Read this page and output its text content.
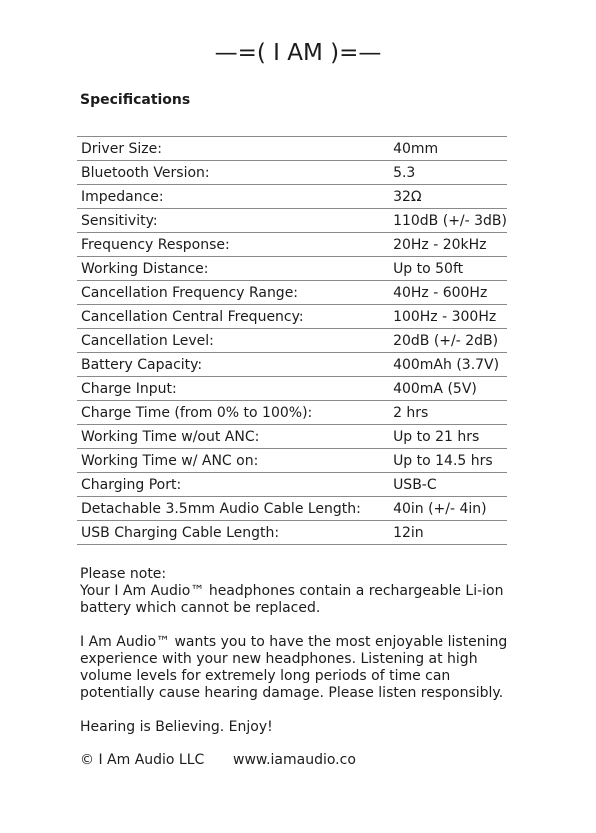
—=( I AM )=—
Specifications
Driver Size:	40mm
Bluetooth Version:	5.3
Impedance:	32Ω
Sensitivity:	110dB (+/- 3dB)
Frequency Response:	20Hz - 20kHz
Working Distance:	Up to 50ft
Cancellation Frequency Range:	40Hz - 600Hz
Cancellation Central Frequency:	100Hz - 300Hz
Cancellation Level:	20dB (+/- 2dB)
Battery Capacity:	400mAh (3.7V)
Charge Input:	400mA (5V)
Charge Time (from 0% to 100%):	2 hrs
Working Time w/out ANC:	Up to 21 hrs
Working Time w/ ANC on:	Up to 14.5 hrs
Charging Port:	USB-C
Detachable 3.5mm Audio Cable Length:	40in (+/- 4in)
USB Charging Cable Length:	12in

Please note:

Your I Am Audio™ headphones contain a rechargeable Li-ion battery which cannot be replaced.

I Am Audio™ wants you to have the most enjoyable listening experience with your new headphones. Listening at high volume levels for extremely long periods of time can potentially cause hearing damage. Please listen responsibly.

Hearing is Believing. Enjoy!

© I Am Audio LLC www.iamaudio.co
